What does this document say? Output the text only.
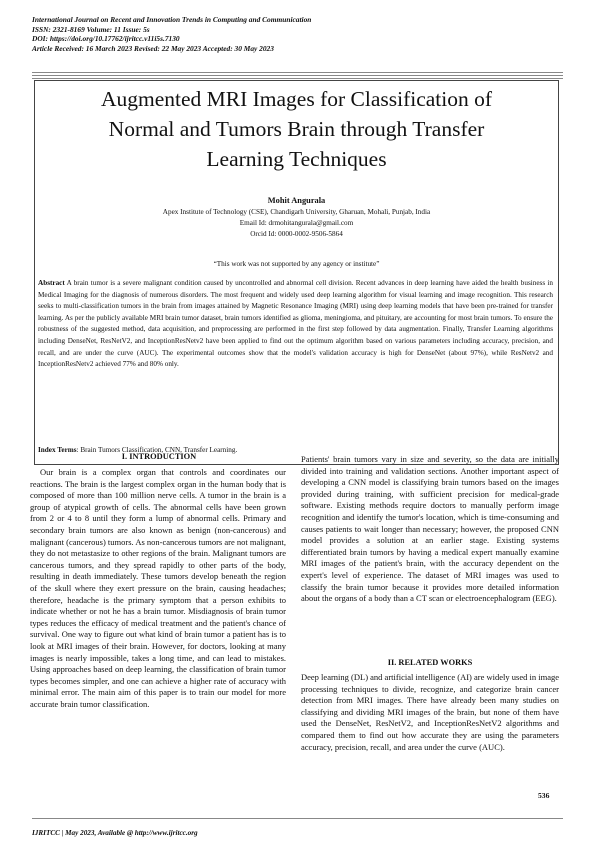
International Journal on Recent and Innovation Trends in Computing and Communication
ISSN: 2321-8169 Volume: 11 Issue: 5s
DOI: https://doi.org/10.17762/ijritcc.v11i5s.7130
Article Received: 16 March 2023 Revised: 22 May 2023 Accepted: 30 May 2023
Augmented MRI Images for Classification of
Normal and Tumors Brain through Transfer
Learning Techniques
Mohit Angurala
Apex Institute of Technology (CSE), Chandigarh University, Gharuan, Mohali, Punjab, India
Email Id: drmohitangurala@gmail.com
Orcid Id: 0000-0002-9506-5864
“This work was not supported by any agency or institute”
Abstract A brain tumor is a severe malignant condition caused by uncontrolled and abnormal cell division. Recent advances in deep learning have aided the health business in Medical Imaging for the diagnosis of numerous disorders. The most frequent and widely used deep learning algorithm for visual learning and image recognition. This research seeks to multi-classification tumors in the brain from images attained by Magnetic Resonance Imaging (MRI) using deep learning models that have been pre-trained for transfer learning. As per the publicly available MRI brain tumor dataset, brain tumors identified as glioma, meningioma, and pituitary, are accounting for most brain tumors. To ensure the robustness of the suggested method, data acquisition, and preprocessing are performed in the first step followed by data augmentation. Finally, Transfer Learning algorithms including DenseNet, ResNetV2, and InceptionResNetv2 have been applied to find out the optimum algorithm based on various parameters including accuracy, precision, and recall, and are under the curve (AUC). The experimental outcomes show that the model's validation accuracy is high for DenseNet (about 97%), while ResNetv2 and InceptionResNetv2 achieved 77% and 80% only.
Index Terms: Brain Tumors Classification, CNN, Transfer Learning.
I. INTRODUCTION
Our brain is a complex organ that controls and coordinates our reactions. The brain is the largest complex organ in the human body that is composed of more than 100 million nerve cells. A tumor in the brain is a group of atypical growth of cells. The abnormal cells have been grown from 2 or 4 to 8 until they form a lump of abnormal cells. Primary and secondary brain tumors are also known as benign (non-cancerous) and malignant (cancerous) tumors. As non-cancerous tumors are not malignant, they do not metastasize to other regions of the brain. Malignant tumors are cancerous tumors, and they spread rapidly to other parts of the body, resulting in death immediately. These tumors develop beneath the region of the skull where they exert pressure on the brain, causing headaches; therefore, headache is the primary symptom that a person exhibits to indicate whether or not he has a brain tumor. Misdiagnosis of brain tumor types reduces the efficacy of medical treatment and the patient's chance of survival. One way to figure out what kind of brain tumor a patient has is to look at MRI images of their brain. However, for doctors, looking at many images is nearly impossible, takes a long time, and can lead to mistakes. Using approaches based on deep learning, the classification of brain tumor types becomes simpler, and one can achieve a higher rate of accuracy with minimal error. The main aim of this paper is to train our model for more accurate brain tumor classification.
Patients' brain tumors vary in size and severity, so the data are initially divided into training and validation sections. Another important aspect of developing a CNN model is classifying brain tumors based on the images provided during training, with sufficient precision for medical-grade software. Existing methods require doctors to manually perform image recognition and identify the tumor's location, which is time-consuming and causes patients to wait longer than necessary; however, the proposed CNN model provides a solution at an earlier stage. Existing systems differentiated brain tumors by having a medical expert manually examine MRI images of the patient's brain, with the accuracy dependent on the expert's level of experience. The dataset of MRI images was used to classify the brain tumor because it provides more detailed information about the organs of a body than a CT scan or electroencephalogram (EEG).
II. RELATED WORKS
Deep learning (DL) and artificial intelligence (AI) are widely used in image processing techniques to divide, recognize, and categorize brain cancer detection from MRI images. There have already been many studies on classifying and dividing MRI images of the brain, but none of them have used the DenseNet, ResNetV2, and InceptionResNetV2 algorithms and compared them to find out how accurate they are using the parameters accuracy, precision, recall, and area under the curve (AUC).
536
IJRITCC | May 2023, Available @ http://www.ijritcc.org
